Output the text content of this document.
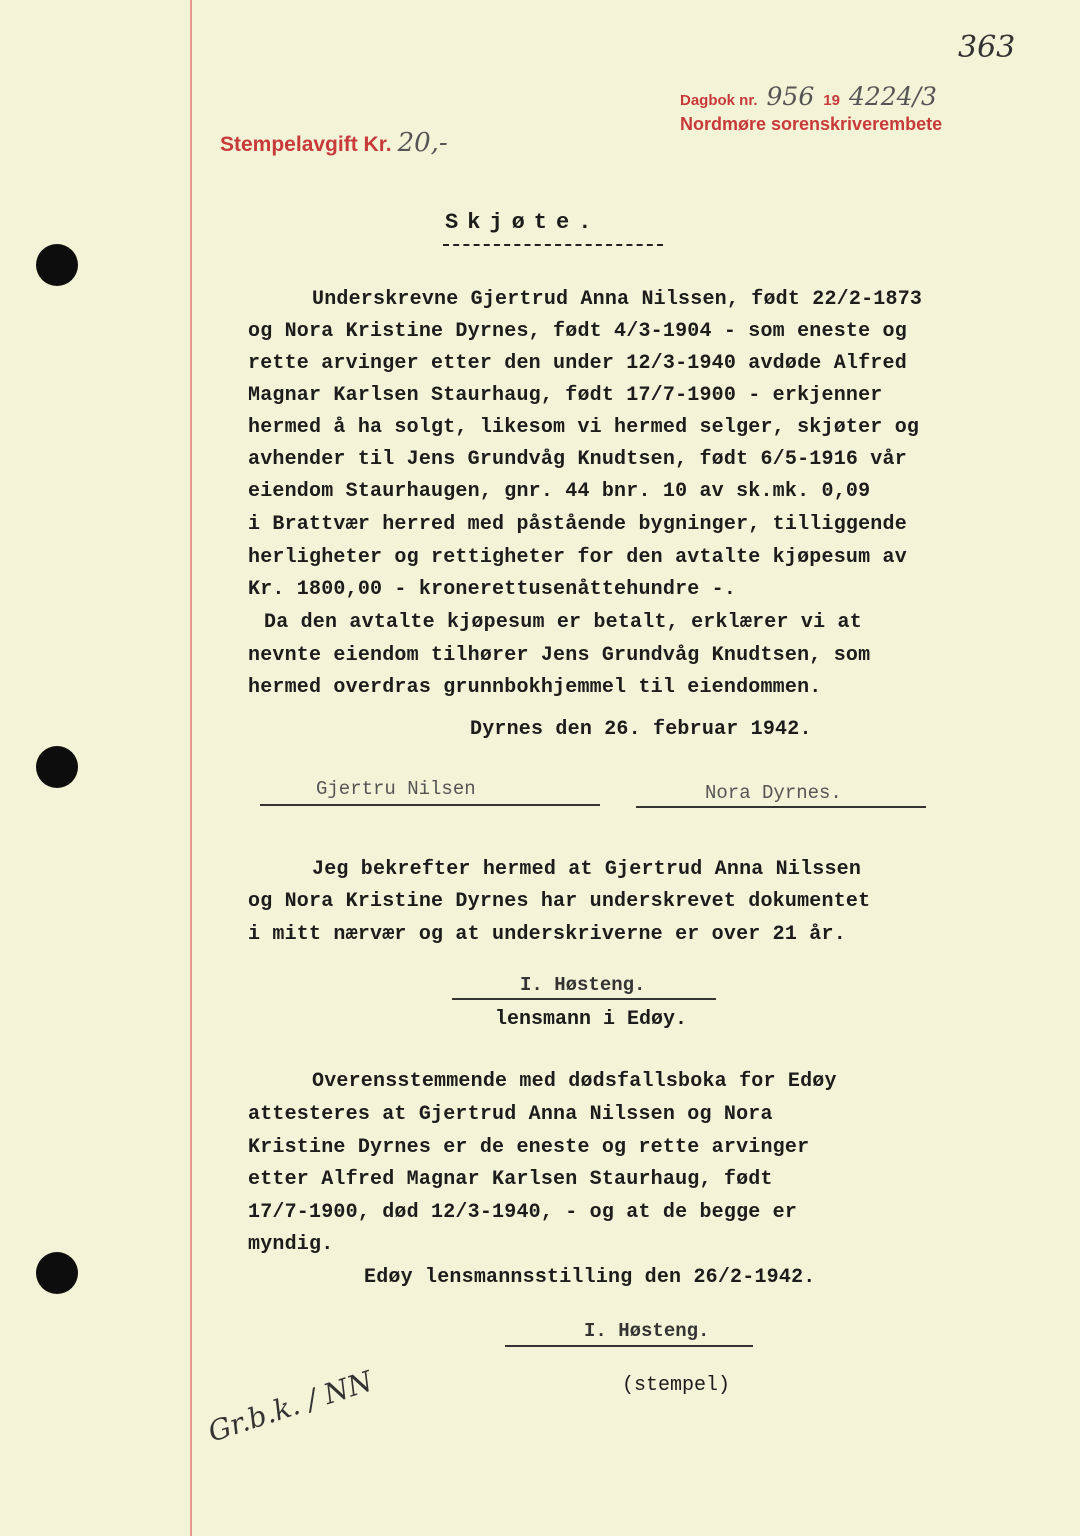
363
Stempelavgift Kr. 20,-
Dagbok nr. 956 19 4224/3
Nordmøre sorenskriverembete
Skjøte.
Underskrevne Gjertrud Anna Nilssen, født 22/2-1873
og Nora Kristine Dyrnes, født 4/3-1904 - som eneste og
rette arvinger etter den under 12/3-1940 avdøde Alfred
Magnar Karlsen Staurhaug, født 17/7-1900 - erkjenner
hermed å ha solgt, likesom vi hermed selger, skjøter og
avhender til Jens Grundvåg Knudtsen, født 6/5-1916 vår
eiendom Staurhaugen, gnr. 44 bnr. 10 av sk.mk. 0,09
i Brattvær herred med påstående bygninger, tilliggende
herligheter og rettigheter for den avtalte kjøpesum av
Kr. 1800,00 - kronerettusenåttehundre -.
Da den avtalte kjøpesum er betalt, erklærer vi at
nevnte eiendom tilhører Jens Grundvåg Knudtsen, som
hermed overdras grunnbokhjemmel til eiendommen.
Dyrnes den 26. februar 1942.
Gjertru Nilsen	Nora Dyrnes.
Jeg bekrefter hermed at Gjertrud Anna Nilssen
og Nora Kristine Dyrnes har underskrevet dokumentet
i mitt nærvær og at underskriverne er over 21 år.
I. Høsteng.
lensmann i Edøy.
Overensstemmende med dødsfallsboka for Edøy
attesteres at Gjertrud Anna Nilssen og Nora
Kristine Dyrnes er de eneste og rette arvinger
etter Alfred Magnar Karlsen Staurhaug, født
17/7-1900, død 12/3-1940, - og at de begge er
myndig.
Edøy lensmannsstilling den 26/2-1942.
I. Høsteng.
(stempel)
Gr.b.k. / NN
